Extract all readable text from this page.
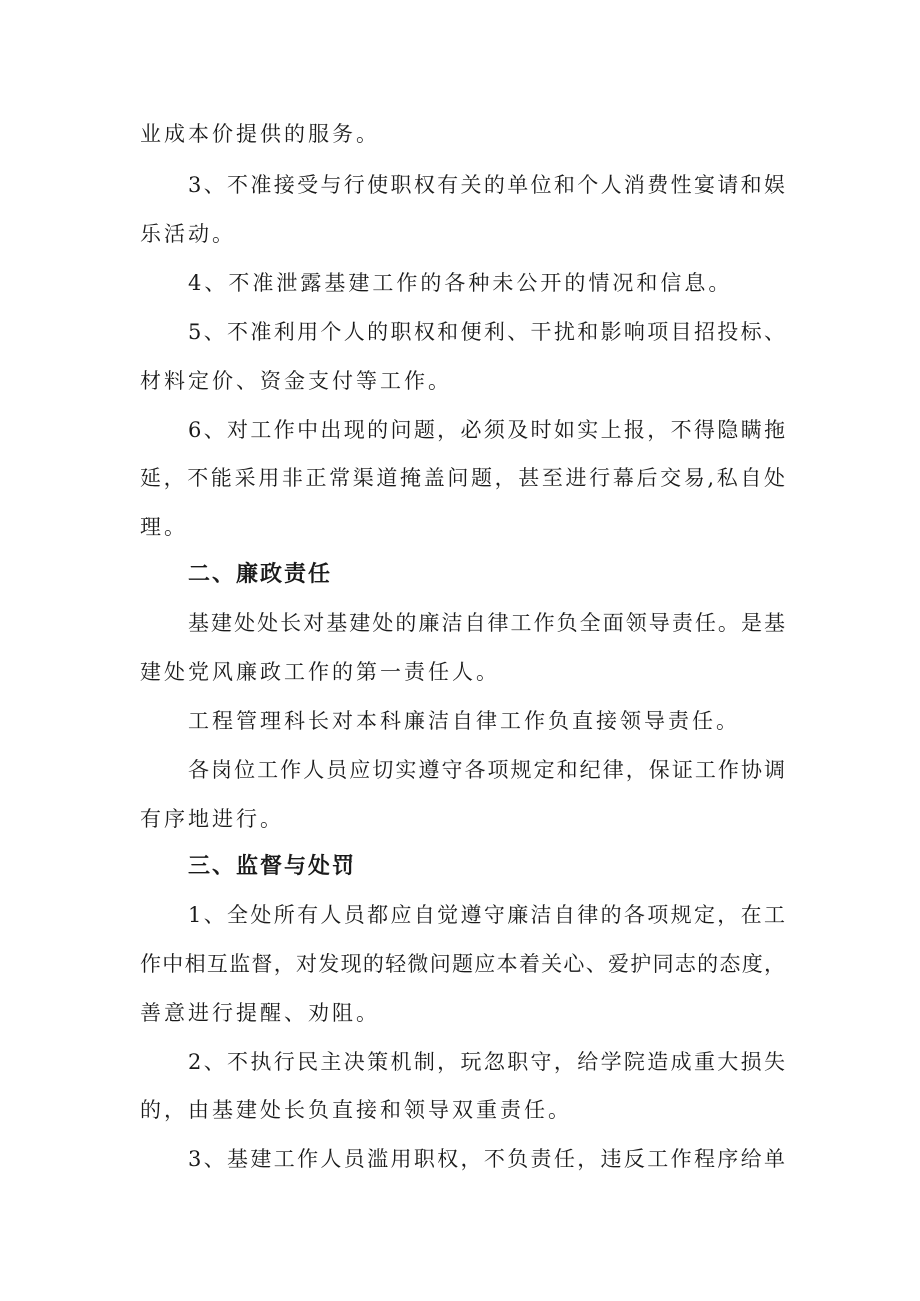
业成本价提供的服务。
3、不准接受与行使职权有关的单位和个人消费性宴请和娱
乐活动。
4、不准泄露基建工作的各种未公开的情况和信息。
5、不准利用个人的职权和便利、干扰和影响项目招投标、
材料定价、资金支付等工作。
6、对工作中出现的问题，必须及时如实上报，不得隐瞒拖
延，不能采用非正常渠道掩盖问题，甚至进行幕后交易,私自处
理。
二、廉政责任
基建处处长对基建处的廉洁自律工作负全面领导责任。是基
建处党风廉政工作的第一责任人。
工程管理科长对本科廉洁自律工作负直接领导责任。
各岗位工作人员应切实遵守各项规定和纪律，保证工作协调
有序地进行。
三、监督与处罚
1、全处所有人员都应自觉遵守廉洁自律的各项规定，在工
作中相互监督，对发现的轻微问题应本着关心、爱护同志的态度，
善意进行提醒、劝阻。
2、不执行民主决策机制，玩忽职守，给学院造成重大损失
的，由基建处长负直接和领导双重责任。
3、基建工作人员滥用职权，不负责任，违反工作程序给单
